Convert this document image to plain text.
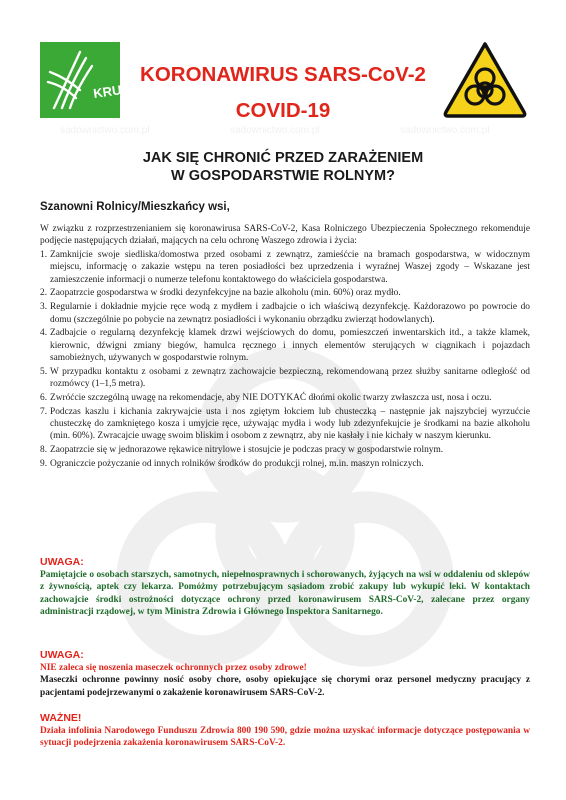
sadownictwo.com.pl	sadownictwo.com.pl	sadownictwo.com.pl
KRUS
KORONAWIRUS SARS-CoV-2
COVID-19
JAK SIĘ CHRONIĆ PRZED ZARAŻENIEM
W GOSPODARSTWIE ROLNYM?
Szanowni Rolnicy/Mieszkańcy wsi,

W związku z rozprzestrzenianiem się koronawirusa SARS-CoV-2, Kasa Rolniczego Ubezpieczenia Społecznego rekomenduje podjęcie następujących działań, mających na celu ochronę Waszego zdrowia i życia:

1. Zamknijcie swoje siedliska/domostwa przed osobami z zewnątrz, zamieśćcie na bramach gospodarstwa, w widocznym miejscu, informację o zakazie wstępu na teren posiadłości bez uprzedzenia i wyraźnej Waszej zgody – Wskazane jest zamieszczenie informacji o numerze telefonu kontaktowego do właściciela gospodarstwa.
2. Zaopatrzcie gospodarstwa w środki dezynfekcyjne na bazie alkoholu (min. 60%) oraz mydło.
3. Regularnie i dokładnie myjcie ręce wodą z mydłem i zadbajcie o ich właściwą dezynfekcję. Każdorazowo po powrocie do domu (szczególnie po pobycie na zewnątrz posiadłości i wykonaniu obrządku zwierząt hodowlanych).
4. Zadbajcie o regularną dezynfekcję klamek drzwi wejściowych do domu, pomieszczeń inwentarskich itd., a także klamek, kierownic, dźwigni zmiany biegów, hamulca ręcznego i innych elementów sterujących w ciągnikach i pojazdach samobieżnych, używanych w gospodarstwie rolnym.
5. W przypadku kontaktu z osobami z zewnątrz zachowajcie bezpieczną, rekomendowaną przez służby sanitarne odległość od rozmówcy (1–1,5 metra).
6. Zwróćcie szczególną uwagę na rekomendacje, aby NIE DOTYKAĆ dłońmi okolic twarzy zwłaszcza ust, nosa i oczu.
7. Podczas kaszlu i kichania zakrywajcie usta i nos zgiętym łokciem lub chusteczką – następnie jak najszybciej wyrzućcie chusteczkę do zamkniętego kosza i umyjcie ręce, używając mydła i wody lub zdezynfekujcie je środkami na bazie alkoholu (min. 60%). Zwracajcie uwagę swoim bliskim i osobom z zewnątrz, aby nie kasłały i nie kichały w naszym kierunku.
8. Zaopatrzcie się w jednorazowe rękawice nitrylowe i stosujcie je podczas pracy w gospodarstwie rolnym.
9. Ograniczcie pożyczanie od innych rolników środków do produkcji rolnej, m.in. maszyn rolniczych.
UWAGA:
Pamiętajcie o osobach starszych, samotnych, niepełnosprawnych i schorowanych, żyjących na wsi w oddaleniu od sklepów z żywnością, aptek czy lekarza. Pomóżmy potrzebującym sąsiadom zrobić zakupy lub wykupić leki. W kontaktach zachowajcie środki ostrożności dotyczące ochrony przed koronawirusem SARS-CoV-2, zalecane przez organy administracji rządowej, w tym Ministra Zdrowia i Głównego Inspektora Sanitarnego.
UWAGA:
NIE zaleca się noszenia maseczek ochronnych przez osoby zdrowe!
Maseczki ochronne powinny nosić osoby chore, osoby opiekujące się chorymi oraz personel medyczny pracujący z pacjentami podejrzewanymi o zakażenie koronawirusem SARS-CoV-2.
WAŻNE!
Działa infolinia Narodowego Funduszu Zdrowia 800 190 590, gdzie można uzyskać informacje dotyczące postępowania w sytuacji podejrzenia zakażenia koronawirusem SARS-CoV-2.
